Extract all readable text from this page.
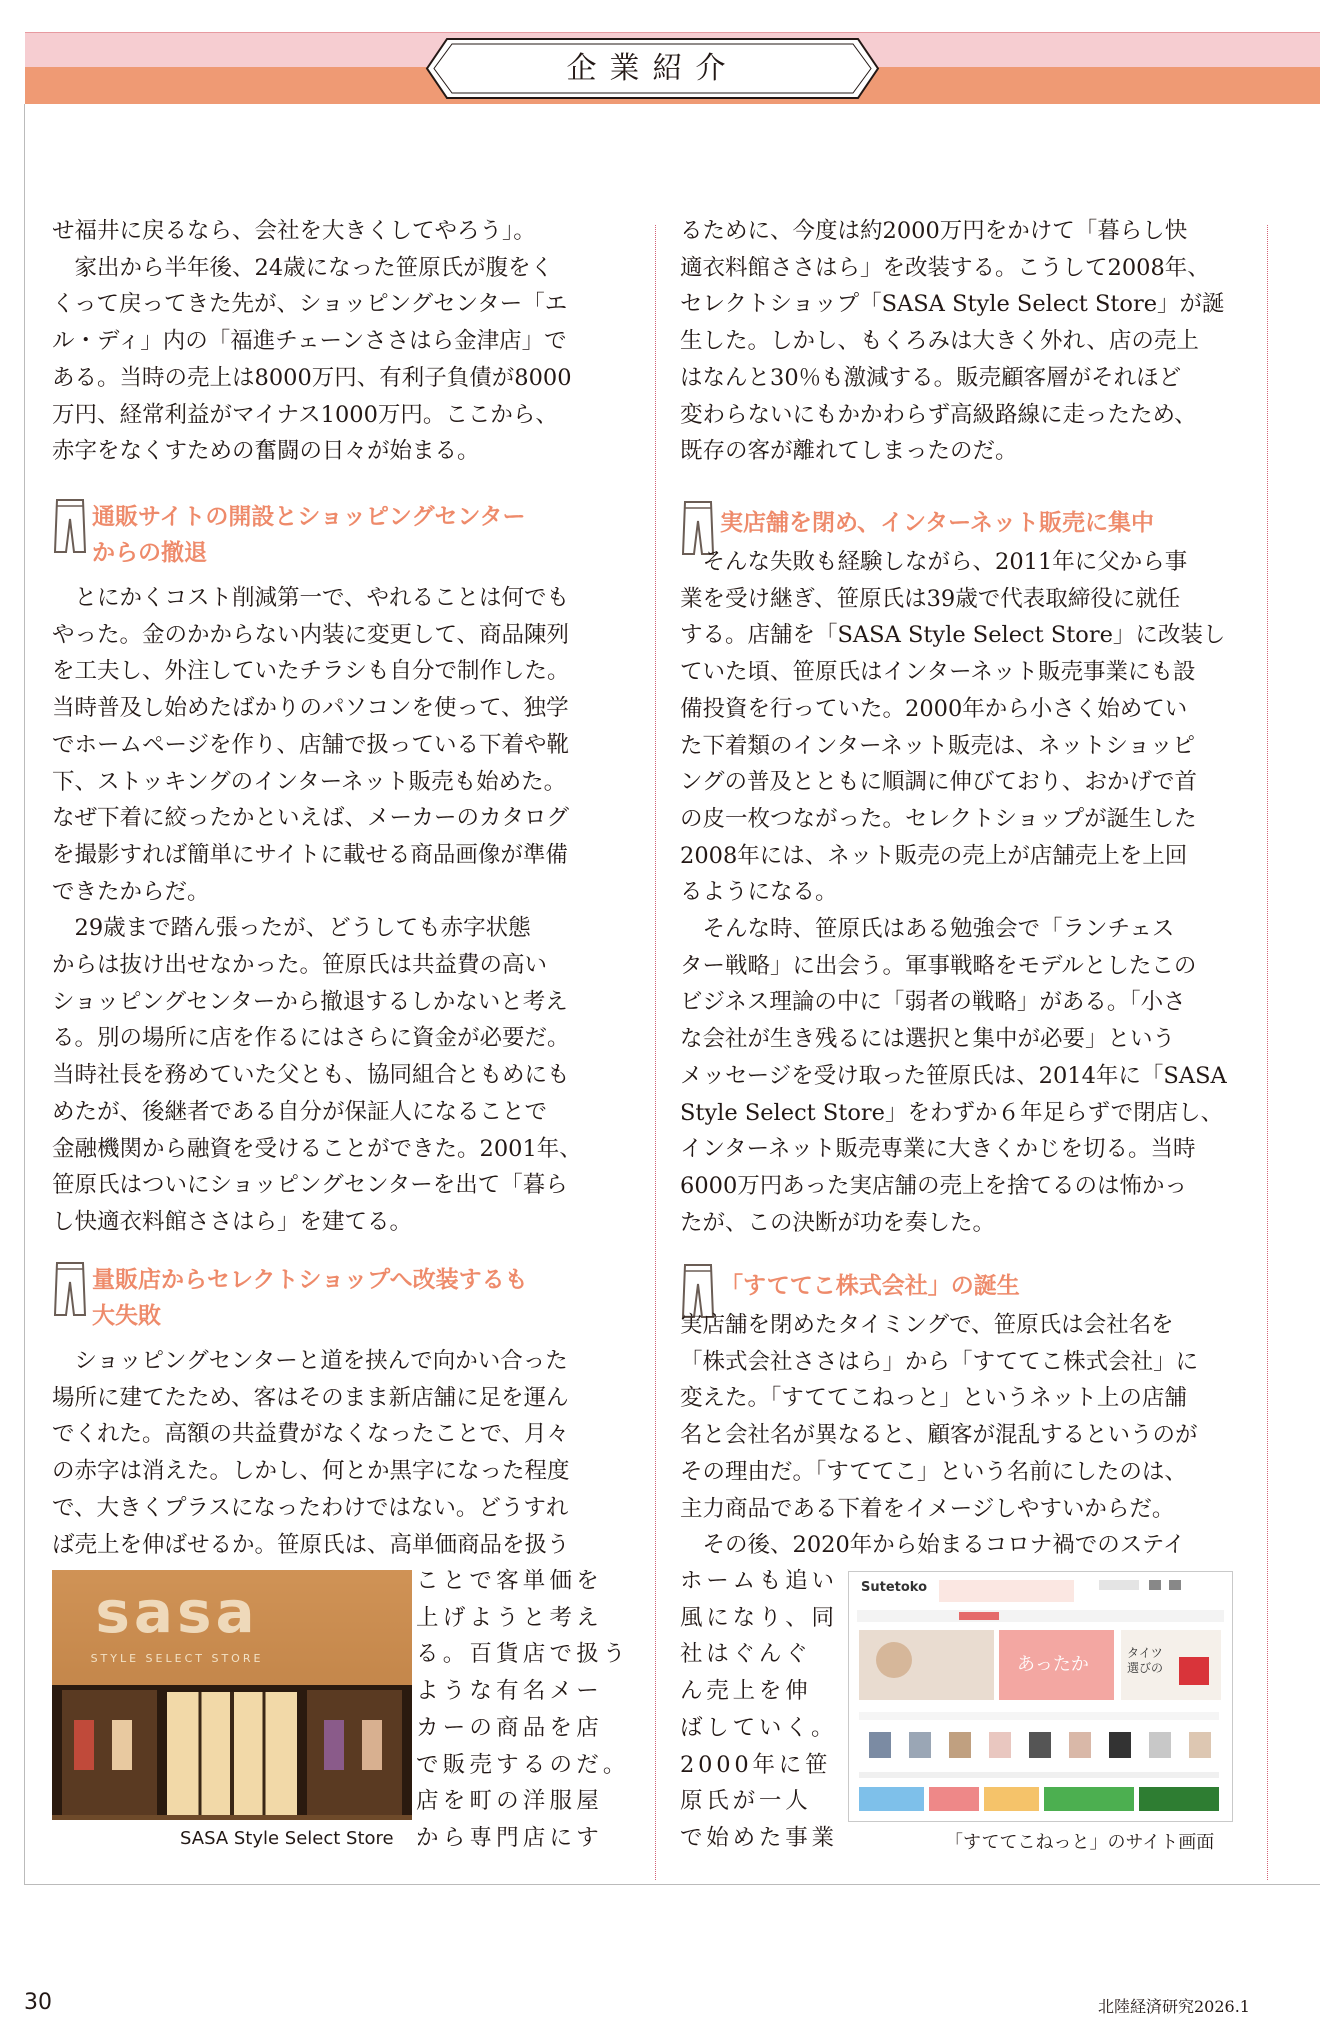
企業紹介

せ福井に戻るなら、会社を大きくしてやろう」。

家出から半年後、24歳になった笹原氏が腹をく

くって戻ってきた先が、ショッピングセンター「エ

ル・ディ」内の「福進チェーンささはら金津店」で

ある。当時の売上は8000万円、有利子負債が8000

万円、経常利益がマイナス1000万円。ここから、

赤字をなくすための奮闘の日々が始まる。

通販サイトの開設とショッピングセンター
からの撤退

とにかくコスト削減第一で、やれることは何でも

やった。金のかからない内装に変更して、商品陳列

を工夫し、外注していたチラシも自分で制作した。

当時普及し始めたばかりのパソコンを使って、独学

でホームページを作り、店舗で扱っている下着や靴

下、ストッキングのインターネット販売も始めた。

なぜ下着に絞ったかといえば、メーカーのカタログ

を撮影すれば簡単にサイトに載せる商品画像が準備

できたからだ。

29歳まで踏ん張ったが、どうしても赤字状態

からは抜け出せなかった。笹原氏は共益費の高い

ショッピングセンターから撤退するしかないと考え

る。別の場所に店を作るにはさらに資金が必要だ。

当時社長を務めていた父とも、協同組合ともめにも

めたが、後継者である自分が保証人になることで

金融機関から融資を受けることができた。2001年、

笹原氏はついにショッピングセンターを出て「暮ら

し快適衣料館ささはら」を建てる。

量販店からセレクトショップへ改装するも
大失敗

ショッピングセンターと道を挟んで向かい合った

場所に建てたため、客はそのまま新店舗に足を運ん

でくれた。高額の共益費がなくなったことで、月々

の赤字は消えた。しかし、何とか黒字になった程度

で、大きくプラスになったわけではない。どうすれ

ば売上を伸ばせるか。笹原氏は、高単価商品を扱う

sasa
STYLE SELECT STORE
SASA Style Select Store

ことで客単価を

上げようと考え

る。百貨店で扱う

ような有名メー

カーの商品を店

で販売するのだ。

店を町の洋服屋

から専門店にす

るために、今度は約2000万円をかけて「暮らし快

適衣料館ささはら」を改装する。こうして2008年、

セレクトショップ「SASA Style Select Store」が誕

生した。しかし、もくろみは大きく外れ、店の売上

はなんと30％も激減する。販売顧客層がそれほど

変わらないにもかかわらず高級路線に走ったため、

既存の客が離れてしまったのだ。

実店舗を閉め、インターネット販売に集中

そんな失敗も経験しながら、2011年に父から事

業を受け継ぎ、笹原氏は39歳で代表取締役に就任

する。店舗を「SASA Style Select Store」に改装し

ていた頃、笹原氏はインターネット販売事業にも設

備投資を行っていた。2000年から小さく始めてい

た下着類のインターネット販売は、ネットショッピ

ングの普及とともに順調に伸びており、おかげで首

の皮一枚つながった。セレクトショップが誕生した

2008年には、ネット販売の売上が店舗売上を上回

るようになる。

そんな時、笹原氏はある勉強会で「ランチェス

ター戦略」に出会う。軍事戦略をモデルとしたこの

ビジネス理論の中に「弱者の戦略」がある。「小さ

な会社が生き残るには選択と集中が必要」という

メッセージを受け取った笹原氏は、2014年に「SASA

Style Select Store」をわずか６年足らずで閉店し、

インターネット販売専業に大きくかじを切る。当時

6000万円あった実店舗の売上を捨てるのは怖かっ

たが、この決断が功を奏した。

「すててこ株式会社」の誕生

実店舗を閉めたタイミングで、笹原氏は会社名を

「株式会社ささはら」から「すててこ株式会社」に

変えた。「すててこねっと」というネット上の店舗

名と会社名が異なると、顧客が混乱するというのが

その理由だ。「すててこ」という名前にしたのは、

主力商品である下着をイメージしやすいからだ。

その後、2020年から始まるコロナ禍でのステイ

Sutetoko
あったか
タイツ 選びの
「すててこねっと」のサイト画面

ホームも追い

風になり、同

社はぐんぐ

ん売上を伸

ばしていく。

2000年に笹

原氏が一人

で始めた事業

30	北陸経済研究2026.1
